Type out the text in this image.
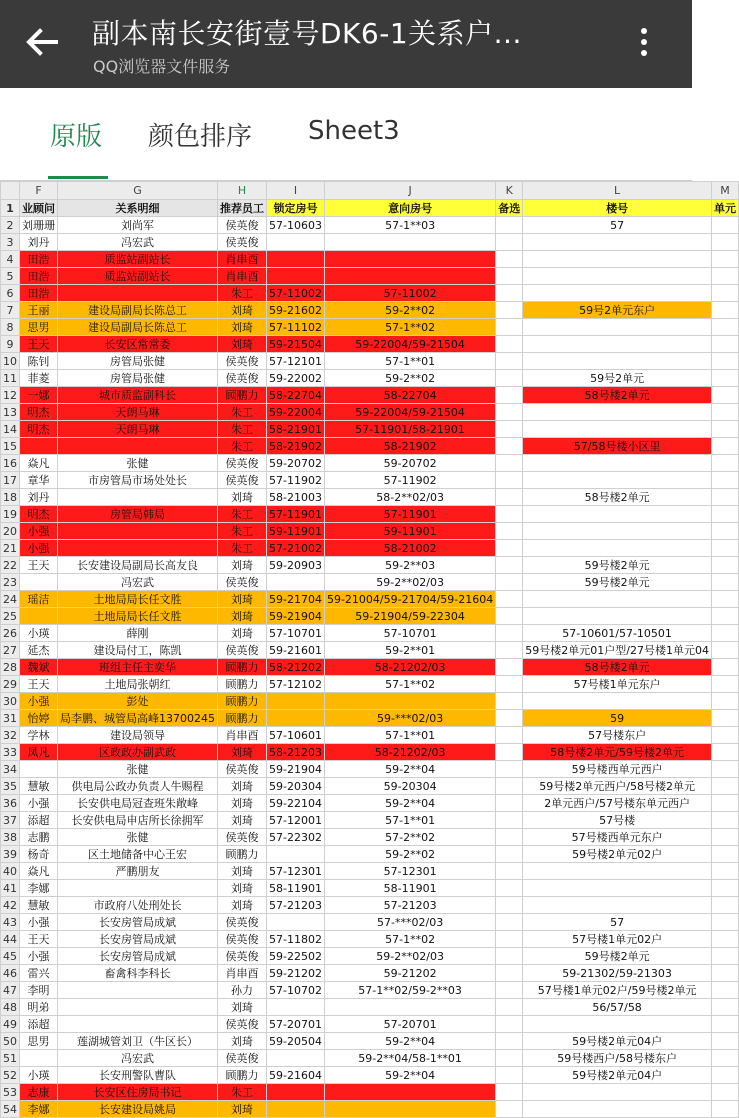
副本南长安街壹号DK6-1关系户...
QQ浏览器文件服务
原版 颜色排序 Sheet3
	F	G	H	I	J	K	L	M
1	业顾问	关系明细	推荐员工	锁定房号	意向房号	备选	楼号	单元
2	刘珊珊	刘尚军	侯英俊	57-10603	57-1**03		57	
3	刘丹	冯宏武	侯英俊					
4	田浩	质监站副站长	肖串酉					
5	田浩	质监站副站长	肖串酉					
6	田浩		朱工	57-11002	57-11002			
7	王丽	建设局副局长陈总工	刘琦	59-21602	59-2**02		59号2单元东户	
8	思男	建设局副局长陈总工	刘琦	57-11102	57-1**02			
9	王天	长安区常常委	刘琦	59-21504	59-22004/59-21504			
10	陈钊	房管局张健	侯英俊	57-12101	57-1**01			
11	菲菱	房管局张健	侯英俊	59-22002	59-2**02		59号2单元	
12	一娜	城市质监副科长	顾鹏力	58-22704	58-22704		58号楼2单元	
13	明杰	天朗马琳	朱工	59-22004	59-22004/59-21504			
14	明杰	天朗马琳	朱工	58-21901	57-11901/58-21901			
15			朱工	58-21902	58-21902		57/58号楼小区里	
16	焱凡	张健	侯英俊	59-20702	59-20702			
17	章华	市房管局市场处处长	侯英俊	57-11902	57-11902			
18	刘丹		刘琦	58-21003	58-2**02/03		58号楼2单元	
19	明杰	房管局韩局	朱工	57-11901	57-11901			
20	小强		朱工	59-11901	59-11901			
21	小强		朱工	57-21002	58-21002			
22	王天	长安建设局副局长高友良	刘琦	59-20903	59-2**03		59号楼2单元	
23		冯宏武	侯英俊		59-2**02/03		59号楼2单元	
24	瑶洁	土地局局长任文胜	刘琦	59-21704	59-21004/59-21704/59-21604			
25		土地局局长任文胜	刘琦	59-21904	59-21904/59-22304			
26	小瑛	薛刚	刘琦	57-10701	57-10701		57-10601/57-10501	
27	延杰	建设局付工，陈凯	侯英俊	59-21601	59-2**01		59号楼2单元01户型/27号楼1单元04	
28	魏斌	班组主任主奕华	顾鹏力	58-21202	58-21202/03		58号楼2单元	
29	王天	土地局张朝红	顾鹏力	57-12102	57-1**02		57号楼1单元东户	
30	小强	彭处	顾鹏力					
31	怡婷	局李鹏、城管局高峰13700245	顾鹏力		59-***02/03		59	
32	学林	建设局领导	肖串酉	57-10601	57-1**01		57号楼东户	
33	凤凡	区政政办副武政	刘琦	58-21203	58-21202/03		58号楼2单元/59号楼2单元	
34		张健	侯英俊	59-21904	59-2**04		59号楼西单元西户	
35	慧敏	供电局公政办负责人牛赐程	刘琦	59-20304	59-20304		59号楼2单元西户/58号楼2单元	
36	小强	长安供电局冠查班朱敞峰	刘琦	59-22104	59-2**04		2单元西户/57号楼东单元西户	
37	添超	长安供电局申店所长徐拥军	刘琦	57-12001	57-1**01		57号楼	
38	志鹏	张健	侯英俊	57-22302	57-2**02		57号楼西单元东户	
39	杨奇	区土地储备中心王宏	顾鹏力		59-2**02		59号楼2单元02户	
40	焱凡	严鹏朋友	刘琦	57-12301	57-12301			
41	李娜		刘琦	58-11901	58-11901			
42	慧敏	市政府八处刑处长	刘琦	57-21203	57-21203			
43	小强	长安房管局成斌	侯英俊		57-***02/03		57	
44	王天	长安房管局成斌	侯英俊	57-11802	57-1**02		57号楼1单元02户	
45	小强	长安房管局成斌	侯英俊	59-22502	59-2**02/03		59号楼2单元	
46	雷兴	畜禽科李科长	肖串酉	59-21202	59-21202		59-21302/59-21303	
47	李明		孙力	57-10702	57-1**02/59-2**03		57号楼1单元02户/59号楼2单元	
48	明弟		刘琦				56/57/58	
49	添超		侯英俊	57-20701	57-20701			
50	思男	莲湖城管刘卫（牛区长）	刘琦	59-20504	59-2**04		59号楼2单元04户	
51		冯宏武	侯英俊		59-2**04/58-1**01		59号楼西户/58号楼东户	
52	小瑛	长安刑警队曹队	顾鹏力	59-21604	59-2**04		59号楼2单元04户	
53	志康	长安区住房局书记	朱工					
54	李娜	长安建设局姚局	刘琦					
